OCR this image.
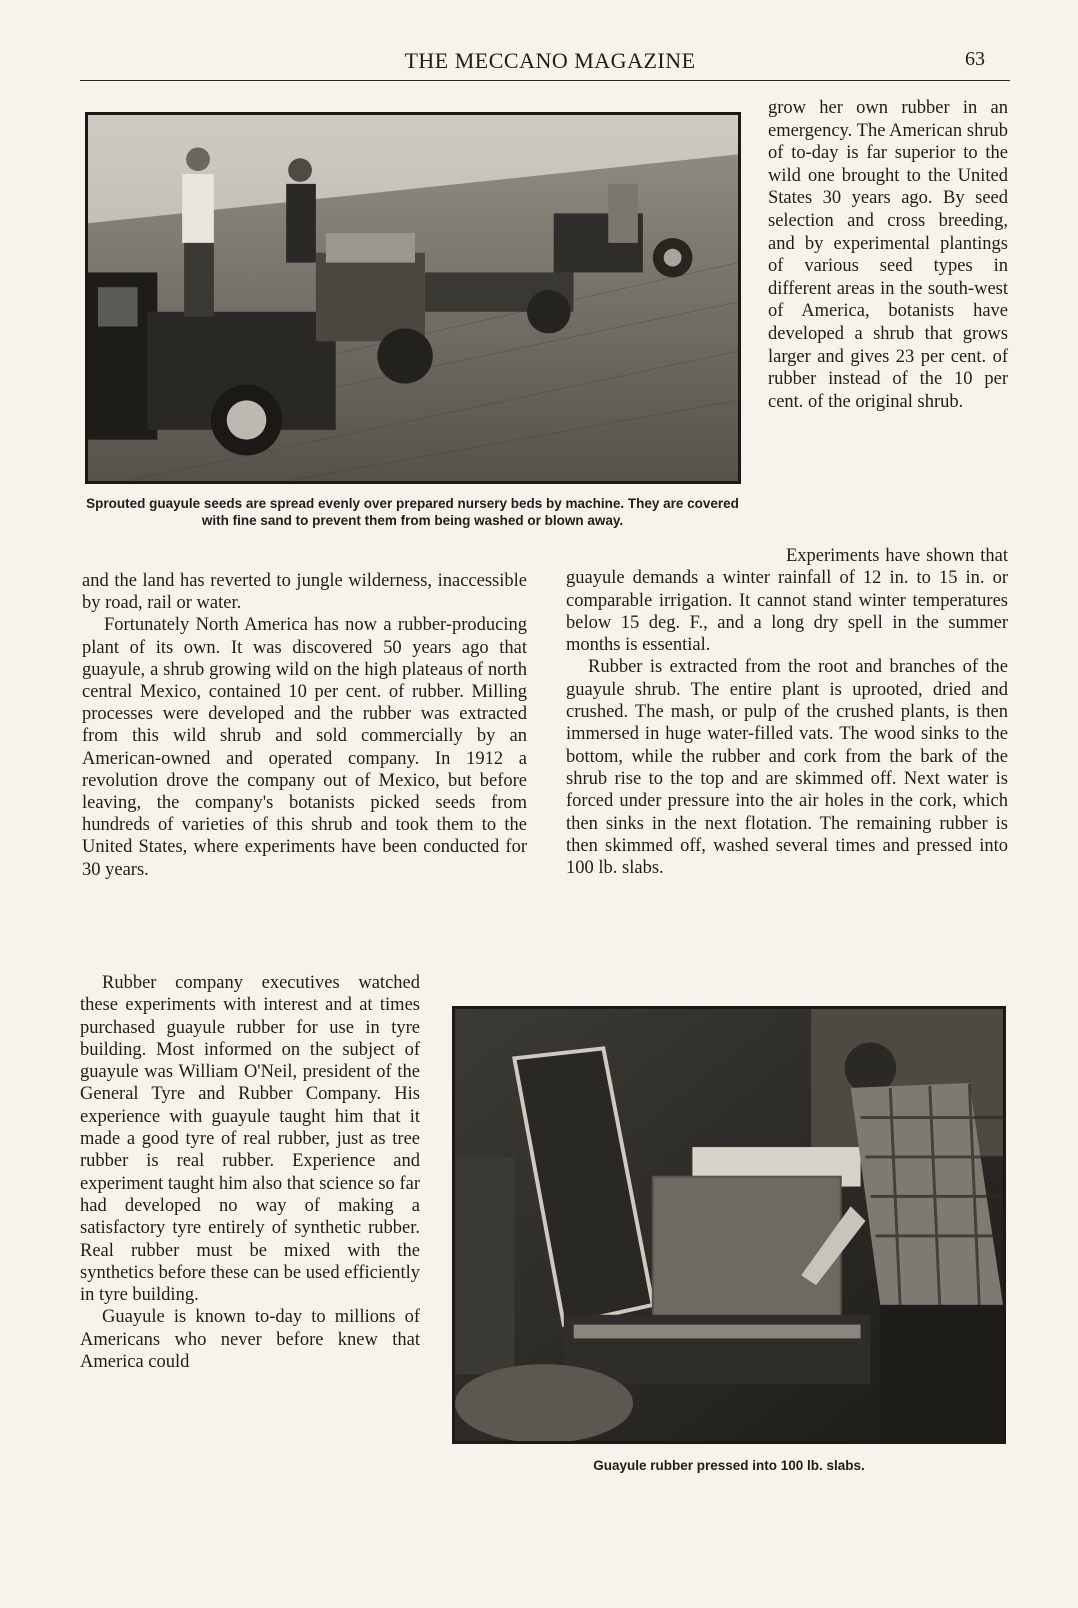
THE MECCANO MAGAZINE	63
Sprouted guayule seeds are spread evenly over prepared nursery beds by machine. They are covered with fine sand to prevent them from being washed or blown away.

grow her own rubber in an emergency. The American shrub of to-day is far superior to the wild one brought to the United States 30 years ago. By seed selection and cross breeding, and by experimental plantings of various seed types in different areas in the south-west of America, botanists have developed a shrub that grows larger and gives 23 per cent. of rubber instead of the 10 per cent. of the original shrub.

and the land has reverted to jungle wilderness, inaccessible by road, rail or water.

Fortunately North America has now a rubber-producing plant of its own. It was discovered 50 years ago that guayule, a shrub growing wild on the high plateaus of north central Mexico, contained 10 per cent. of rubber. Milling processes were developed and the rubber was extracted from this wild shrub and sold commercially by an American-owned and operated company. In 1912 a revolution drove the company out of Mexico, but before leaving, the company's botanists picked seeds from hundreds of varieties of this shrub and took them to the United States, where experiments have been conducted for 30 years.

Experiments have shown that guayule demands a winter rainfall of 12 in. to 15 in. or comparable irrigation. It cannot stand winter temperatures below 15 deg. F., and a long dry spell in the summer months is essential.

Rubber is extracted from the root and branches of the guayule shrub. The entire plant is uprooted, dried and crushed. The mash, or pulp of the crushed plants, is then immersed in huge water-filled vats. The wood sinks to the bottom, while the rubber and cork from the bark of the shrub rise to the top and are skimmed off. Next water is forced under pressure into the air holes in the cork, which then sinks in the next flotation. The remaining rubber is then skimmed off, washed several times and pressed into 100 lb. slabs.

Rubber company executives watched these experiments with interest and at times purchased guayule rubber for use in tyre building. Most informed on the subject of guayule was William O'Neil, president of the General Tyre and Rubber Company. His experience with guayule taught him that it made a good tyre of real rubber, just as tree rubber is real rubber. Experience and experiment taught him also that science so far had developed no way of making a satisfactory tyre entirely of synthetic rubber. Real rubber must be mixed with the synthetics before these can be used efficiently in tyre building.

Guayule is known to-day to millions of Americans who never before knew that America could

Guayule rubber pressed into 100 lb. slabs.
